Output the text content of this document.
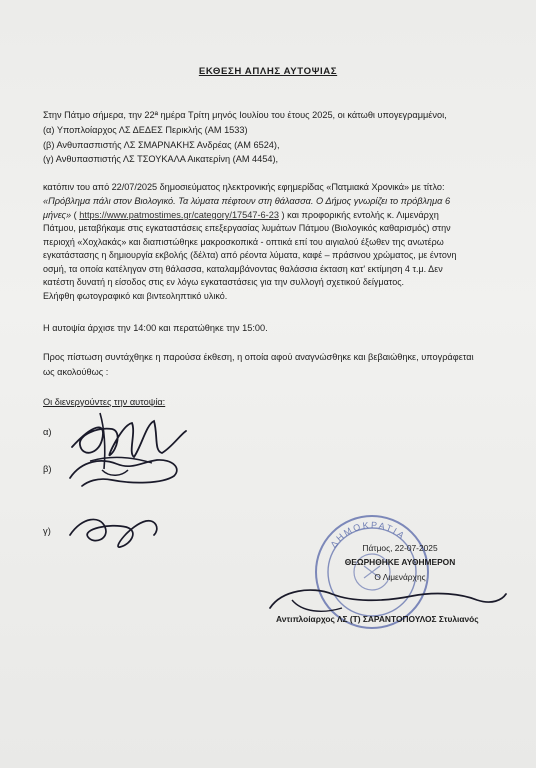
ΕΚΘΕΣΗ ΑΠΛΗΣ ΑΥΤΟΨΙΑΣ
Στην Πάτμο σήμερα, την 22ª ημέρα Τρίτη μηνός Ιουλίου του έτους 2025, οι κάτωθι υπογεγραμμένοι,
(α) Υποπλοίαρχος ΛΣ ΔΕΔΕΣ Περικλής (ΑΜ 1533)
(β) Ανθυπασπιστής ΛΣ ΣΜΑΡΝΑΚΗΣ Ανδρέας (ΑΜ 6524),
(γ) Ανθυπασπιστής ΛΣ ΤΣΟΥΚΑΛΑ Αικατερίνη (ΑΜ 4454),
κατόπιν του από 22/07/2025 δημοσιεύματος ηλεκτρονικής εφημερίδας «Πατμιακά Χρονικά» με τίτλο:
«Πρόβλημα πάλι στον Βιολογικό. Τα λύματα πέφτουν στη θάλασσα. Ο Δήμος γνωρίζει το πρόβλημα 6
μήνες» ( https://www.patmostimes.gr/category/17547-6-23 ) και προφορικής εντολής κ. Λιμενάρχη
Πάτμου, μεταβήκαμε στις εγκαταστάσεις επεξεργασίας λυμάτων Πάτμου (Βιολογικός καθαρισμός) στην
περιοχή «Χοχλακάς» και διαπιστώθηκε μακροσκοπικά - οπτικά επί του αιγιαλού έξωθεν της ανωτέρω
εγκατάστασης η δημιουργία εκβολής (δέλτα) από ρέοντα λύματα, καφέ – πράσινου χρώματος, με έντονη
οσμή, τα οποία κατέληγαν στη θάλασσα, καταλαμβάνοντας θαλάσσια έκταση κατ' εκτίμηση 4 τ.μ. Δεν
κατέστη δυνατή η είσοδος στις εν λόγω εγκαταστάσεις για την συλλογή σχετικού δείγματος.
Ελήφθη φωτογραφικό και βιντεοληπτικό υλικό.
Η αυτοψία άρχισε την 14:00 και περατώθηκε την 15:00.
Προς πίστωση συντάχθηκε η παρούσα έκθεση, η οποία αφού αναγνώσθηκε και βεβαιώθηκε, υπογράφεται
ως ακολούθως :
Οι διενεργούντες την αυτοψία:
α)
β)
γ)
ΔΗΜΟΚΡΑΤΙΑ
Πάτμος, 22-07-2025
ΘΕΩΡΗΘΗΚΕ ΑΥΘΗΜΕΡΟΝ
Ο Λιμενάρχης
Αντιπλοίαρχος ΛΣ (Τ) ΣΑΡΑΝΤΟΠΟΥΛΟΣ Στυλιανός
